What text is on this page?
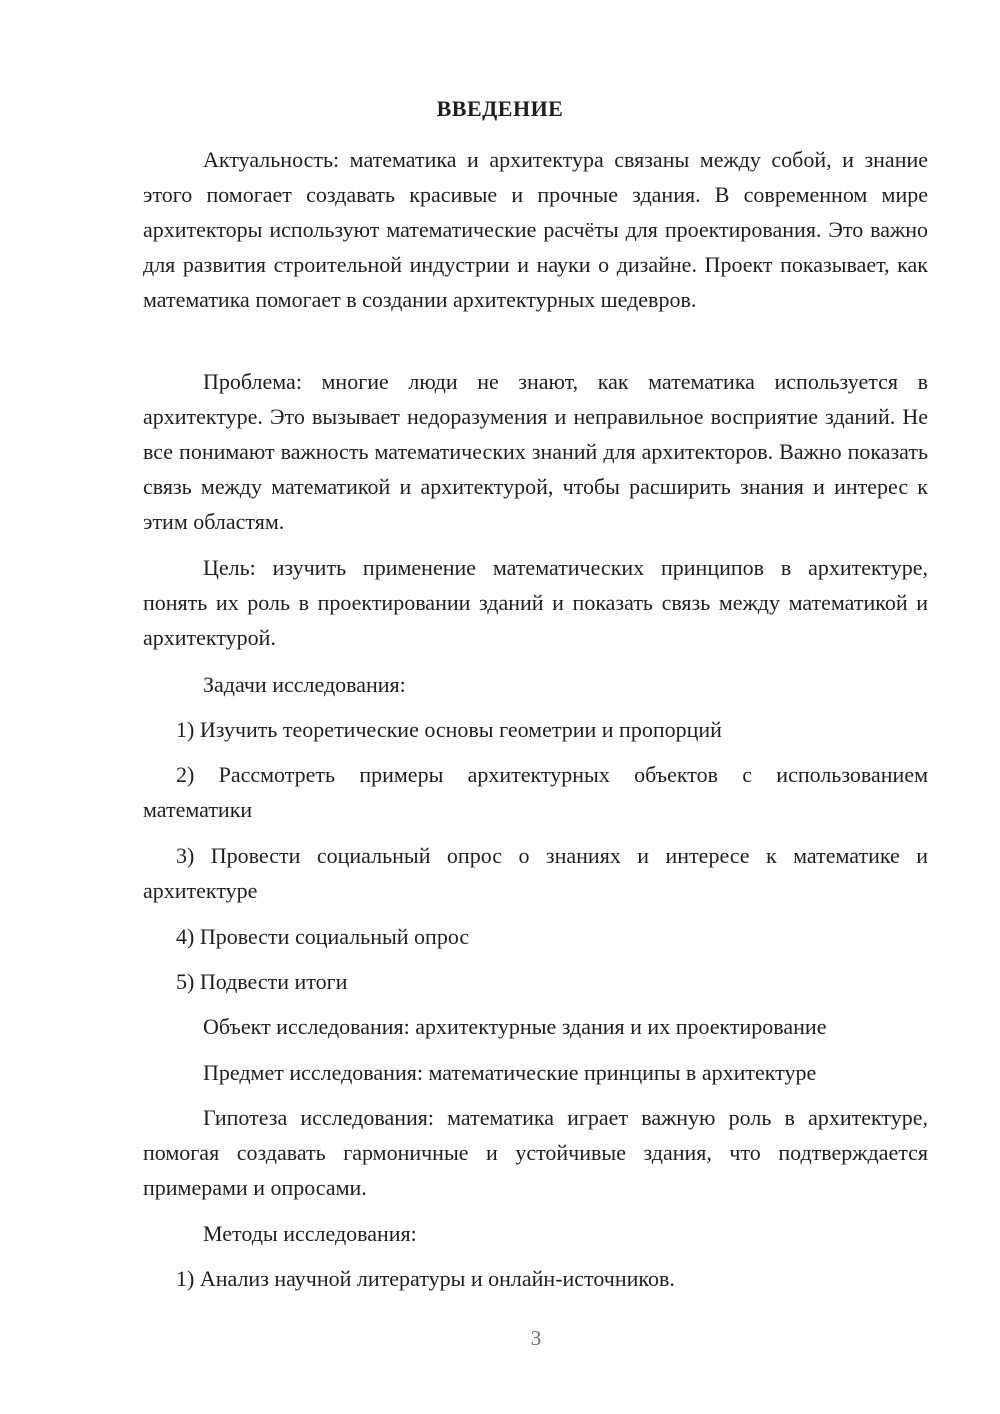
ВВЕДЕНИЕ
Актуальность: математика и архитектура связаны между собой, и знание этого помогает создавать красивые и прочные здания. В современном мире архитекторы используют математические расчёты для проектирования. Это важно для развития строительной индустрии и науки о дизайне. Проект показывает, как математика помогает в создании архитектурных шедевров.
Проблема: многие люди не знают, как математика используется в архитектуре. Это вызывает недоразумения и неправильное восприятие зданий. Не все понимают важность математических знаний для архитекторов. Важно показать связь между математикой и архитектурой, чтобы расширить знания и интерес к этим областям.
Цель: изучить применение математических принципов в архитектуре, понять их роль в проектировании зданий и показать связь между математикой и архитектурой.
Задачи исследования:
1) Изучить теоретические основы геометрии и пропорций
2) Рассмотреть примеры архитектурных объектов с использованием математики
3) Провести социальный опрос о знаниях и интересе к математике и архитектуре
4) Провести социальный опрос
5) Подвести итоги
Объект исследования: архитектурные здания и их проектирование
Предмет исследования: математические принципы в архитектуре
Гипотеза исследования: математика играет важную роль в архитектуре, помогая создавать гармоничные и устойчивые здания, что подтверждается примерами и опросами.
Методы исследования:
1) Анализ научной литературы и онлайн-источников.
3
